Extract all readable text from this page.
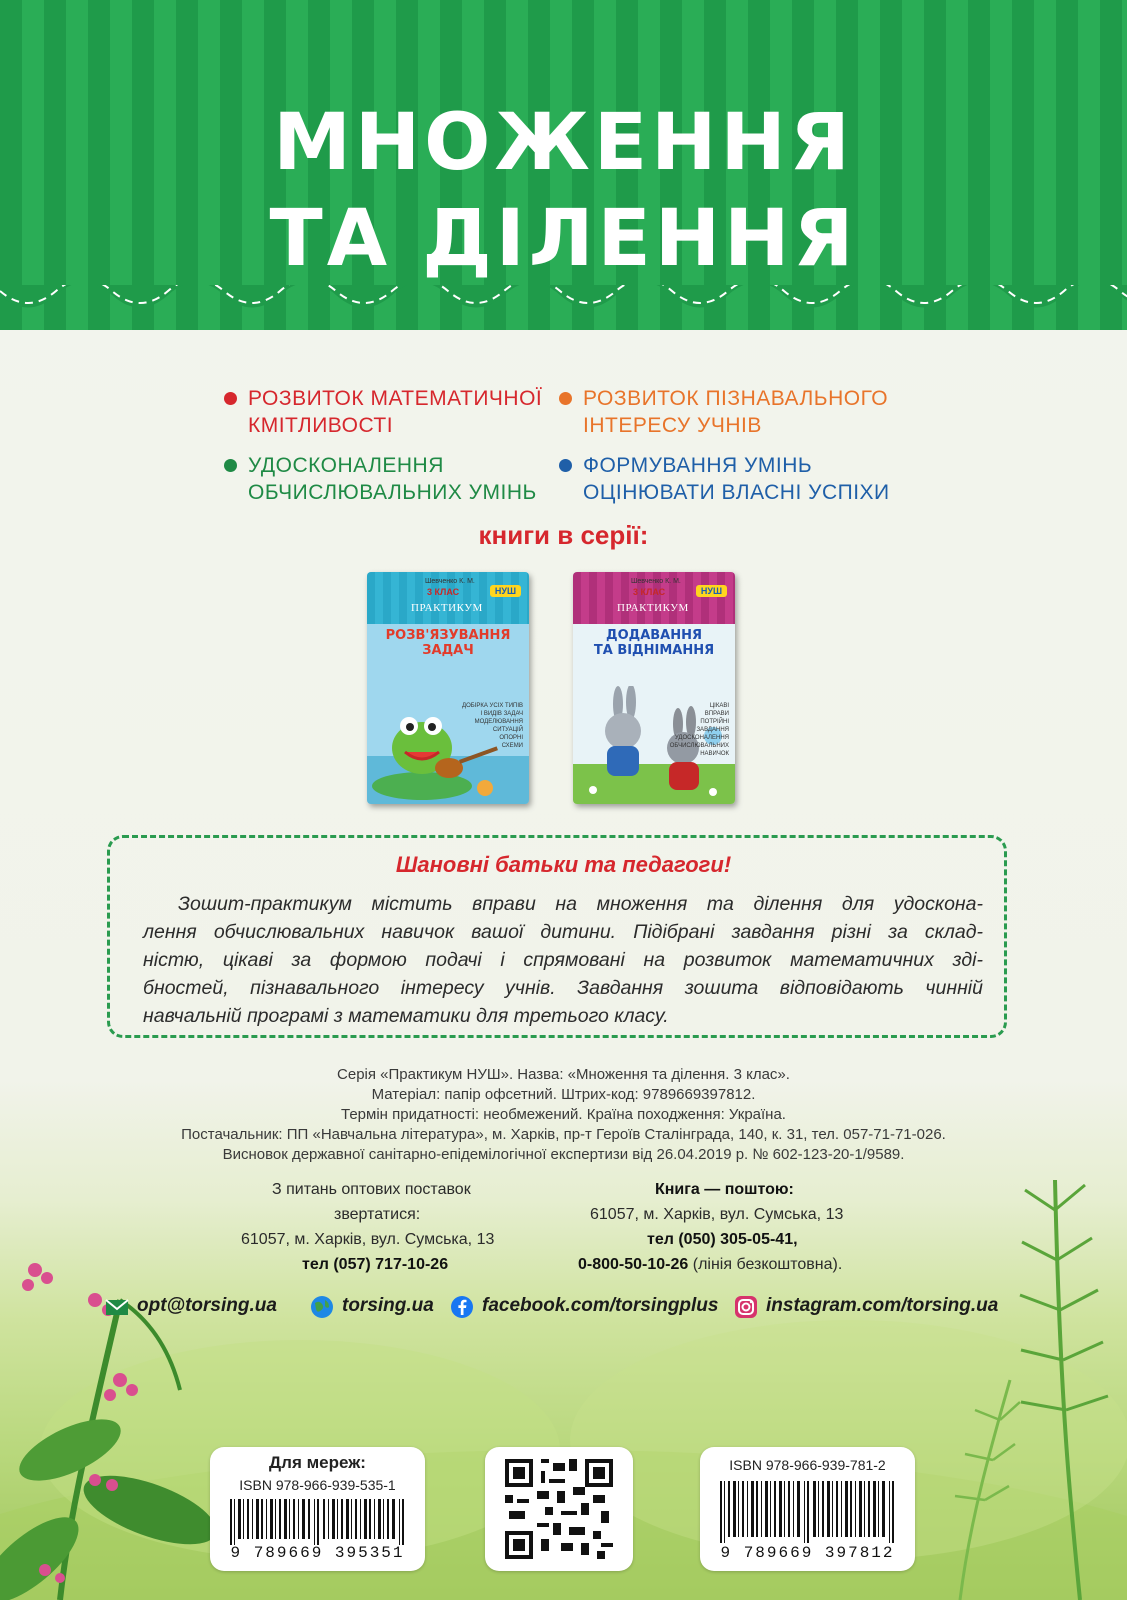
МНОЖЕННЯ
ТА ДІЛЕННЯ
РОЗВИТОК МАТЕМАТИЧНОЇ
КМІТЛИВОСТІ
РОЗВИТОК ПІЗНАВАЛЬНОГО
ІНТЕРЕСУ УЧНІВ
УДОСКОНАЛЕННЯ
ОБЧИСЛЮВАЛЬНИХ УМІНЬ
ФОРМУВАННЯ УМІНЬ
ОЦІНЮВАТИ ВЛАСНІ УСПІХИ
книги в серії:
Шевченко К. М.
3 КЛАС	НУШ
ПРАКТИКУМ
РОЗВ'ЯЗУВАННЯ
ЗАДАЧ
ДОБІРКА УСІХ ТИПІВ
І ВИДІВ ЗАДАЧ
МОДЕЛЮВАННЯ
СИТУАЦІЙ
ОПОРНІ
СХЕМИ
Шевченко К. М.
3 КЛАС	НУШ
ПРАКТИКУМ
ДОДАВАННЯ
ТА ВІДНІМАННЯ
ЦІКАВІ
ВПРАВИ
ПОТРІЙНІ
ЗАВДАННЯ
УДОСКОНАЛЕННЯ
ОБЧИСЛЮВАЛЬНИХ
НАВИЧОК
Шановні батьки та педагоги!
Зошит-практикум містить вправи на множення та ділення для удоскона-
лення обчислювальних навичок вашої дитини. Підібрані завдання різні за склад-
ністю, цікаві за формою подачі і спрямовані на розвиток математичних зді-
бностей, пізнавального інтересу учнів. Завдання зошита відповідають чинній
навчальній програмі з математики для третього класу.
Серія «Практикум НУШ». Назва: «Множення та ділення. 3 клас».
Матеріал: папір офсетний. Штрих-код: 9789669397812.
Термін придатності: необмежений. Країна походження: Україна.
Постачальник: ПП «Навчальна література», м. Харків, пр-т Героїв Сталінграда, 140, к. 31, тел. 057-71-71-026.
Висновок державної санітарно-епідемілогічної експертизи від 26.04.2019 р. № 602-123-20-1/9589.
З питань оптових поставок
звертатися:
61057, м. Харків, вул. Сумська, 13
тел (057) 717-10-26
Книга — поштою:
61057, м. Харків, вул. Сумська, 13
тел (050) 305-05-41,
0-800-50-10-26 (лінія безкоштовна).
opt@torsing.ua	torsing.ua	facebook.com/torsingplus	instagram.com/torsing.ua
Для мереж:
ISBN 978-966-939-535-1
9 789669 395351
ISBN 978-966-939-781-2
9 789669 397812
